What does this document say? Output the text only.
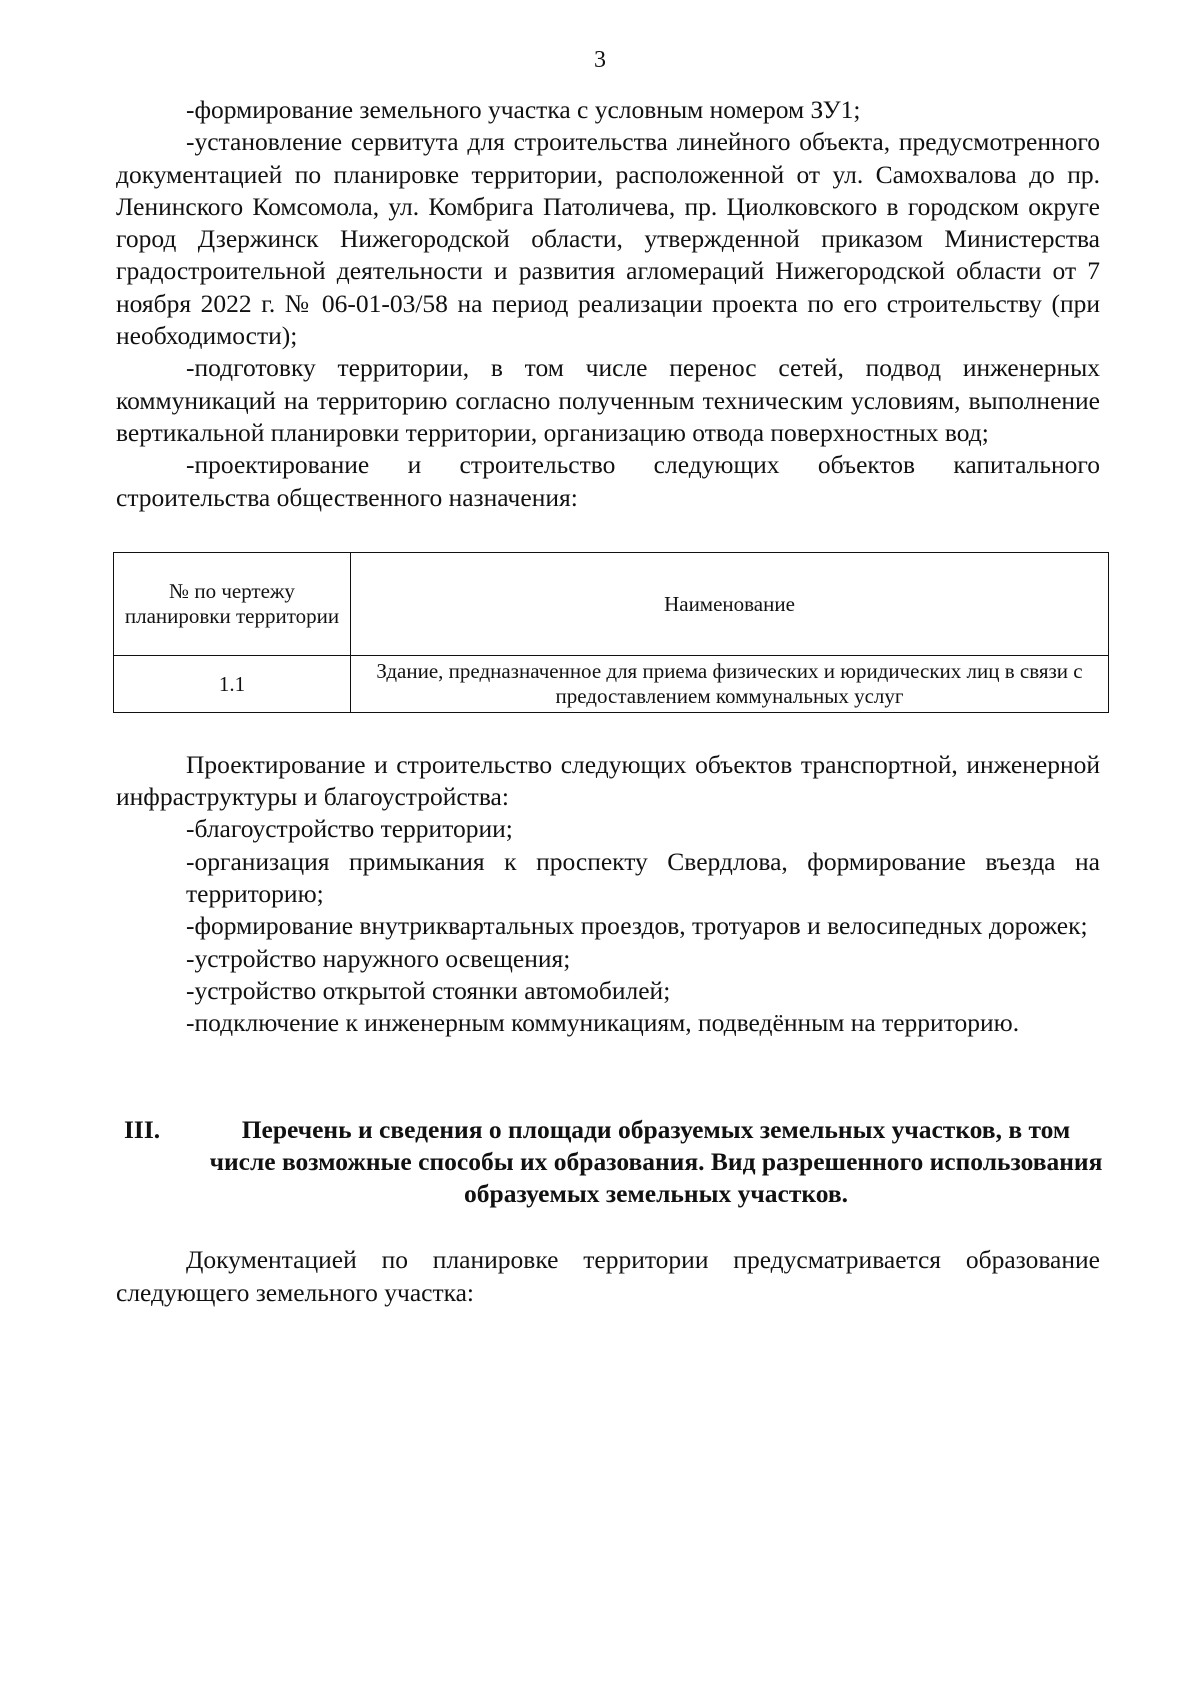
3

-формирование земельного участка с условным номером ЗУ1;

-установление сервитута для строительства линейного объекта, предусмотренного документацией по планировке территории, расположенной от ул. Самохвалова до пр. Ленинского Комсомола, ул. Комбрига Патоличева, пр. Циолковского в городском округе город Дзержинск Нижегородской области, утвержденной приказом Министерства градостроительной деятельности и развития агломераций Нижегородской области от 7 ноября 2022 г. № 06-01-03/58 на период реализации проекта по его строительству (при необходимости);

-подготовку территории, в том числе перенос сетей, подвод инженерных коммуникаций на территорию согласно полученным техническим условиям, выполнение вертикальной планировки территории, организацию отвода поверхностных вод;

-проектирование и строительство следующих объектов капитального строительства общественного назначения:

№ по чертежу планировки территории	Наименование
1.1	Здание, предназначенное для приема физических и юридических лиц в связи с предоставлением коммунальных услуг

Проектирование и строительство следующих объектов транспортной, инженерной инфраструктуры и благоустройства:

-благоустройство территории;

-организация примыкания к проспекту Свердлова, формирование въезда на территорию;

-формирование внутриквартальных проездов, тротуаров и велосипедных дорожек;

-устройство наружного освещения;

-устройство открытой стоянки автомобилей;

-подключение к инженерным коммуникациям, подведённым на территорию.

III.	Перечень и сведения о площади образуемых земельных участков, в том числе возможные способы их образования. Вид разрешенного использования образуемых земельных участков.

Документацией по планировке территории предусматривается образование следующего земельного участка:
